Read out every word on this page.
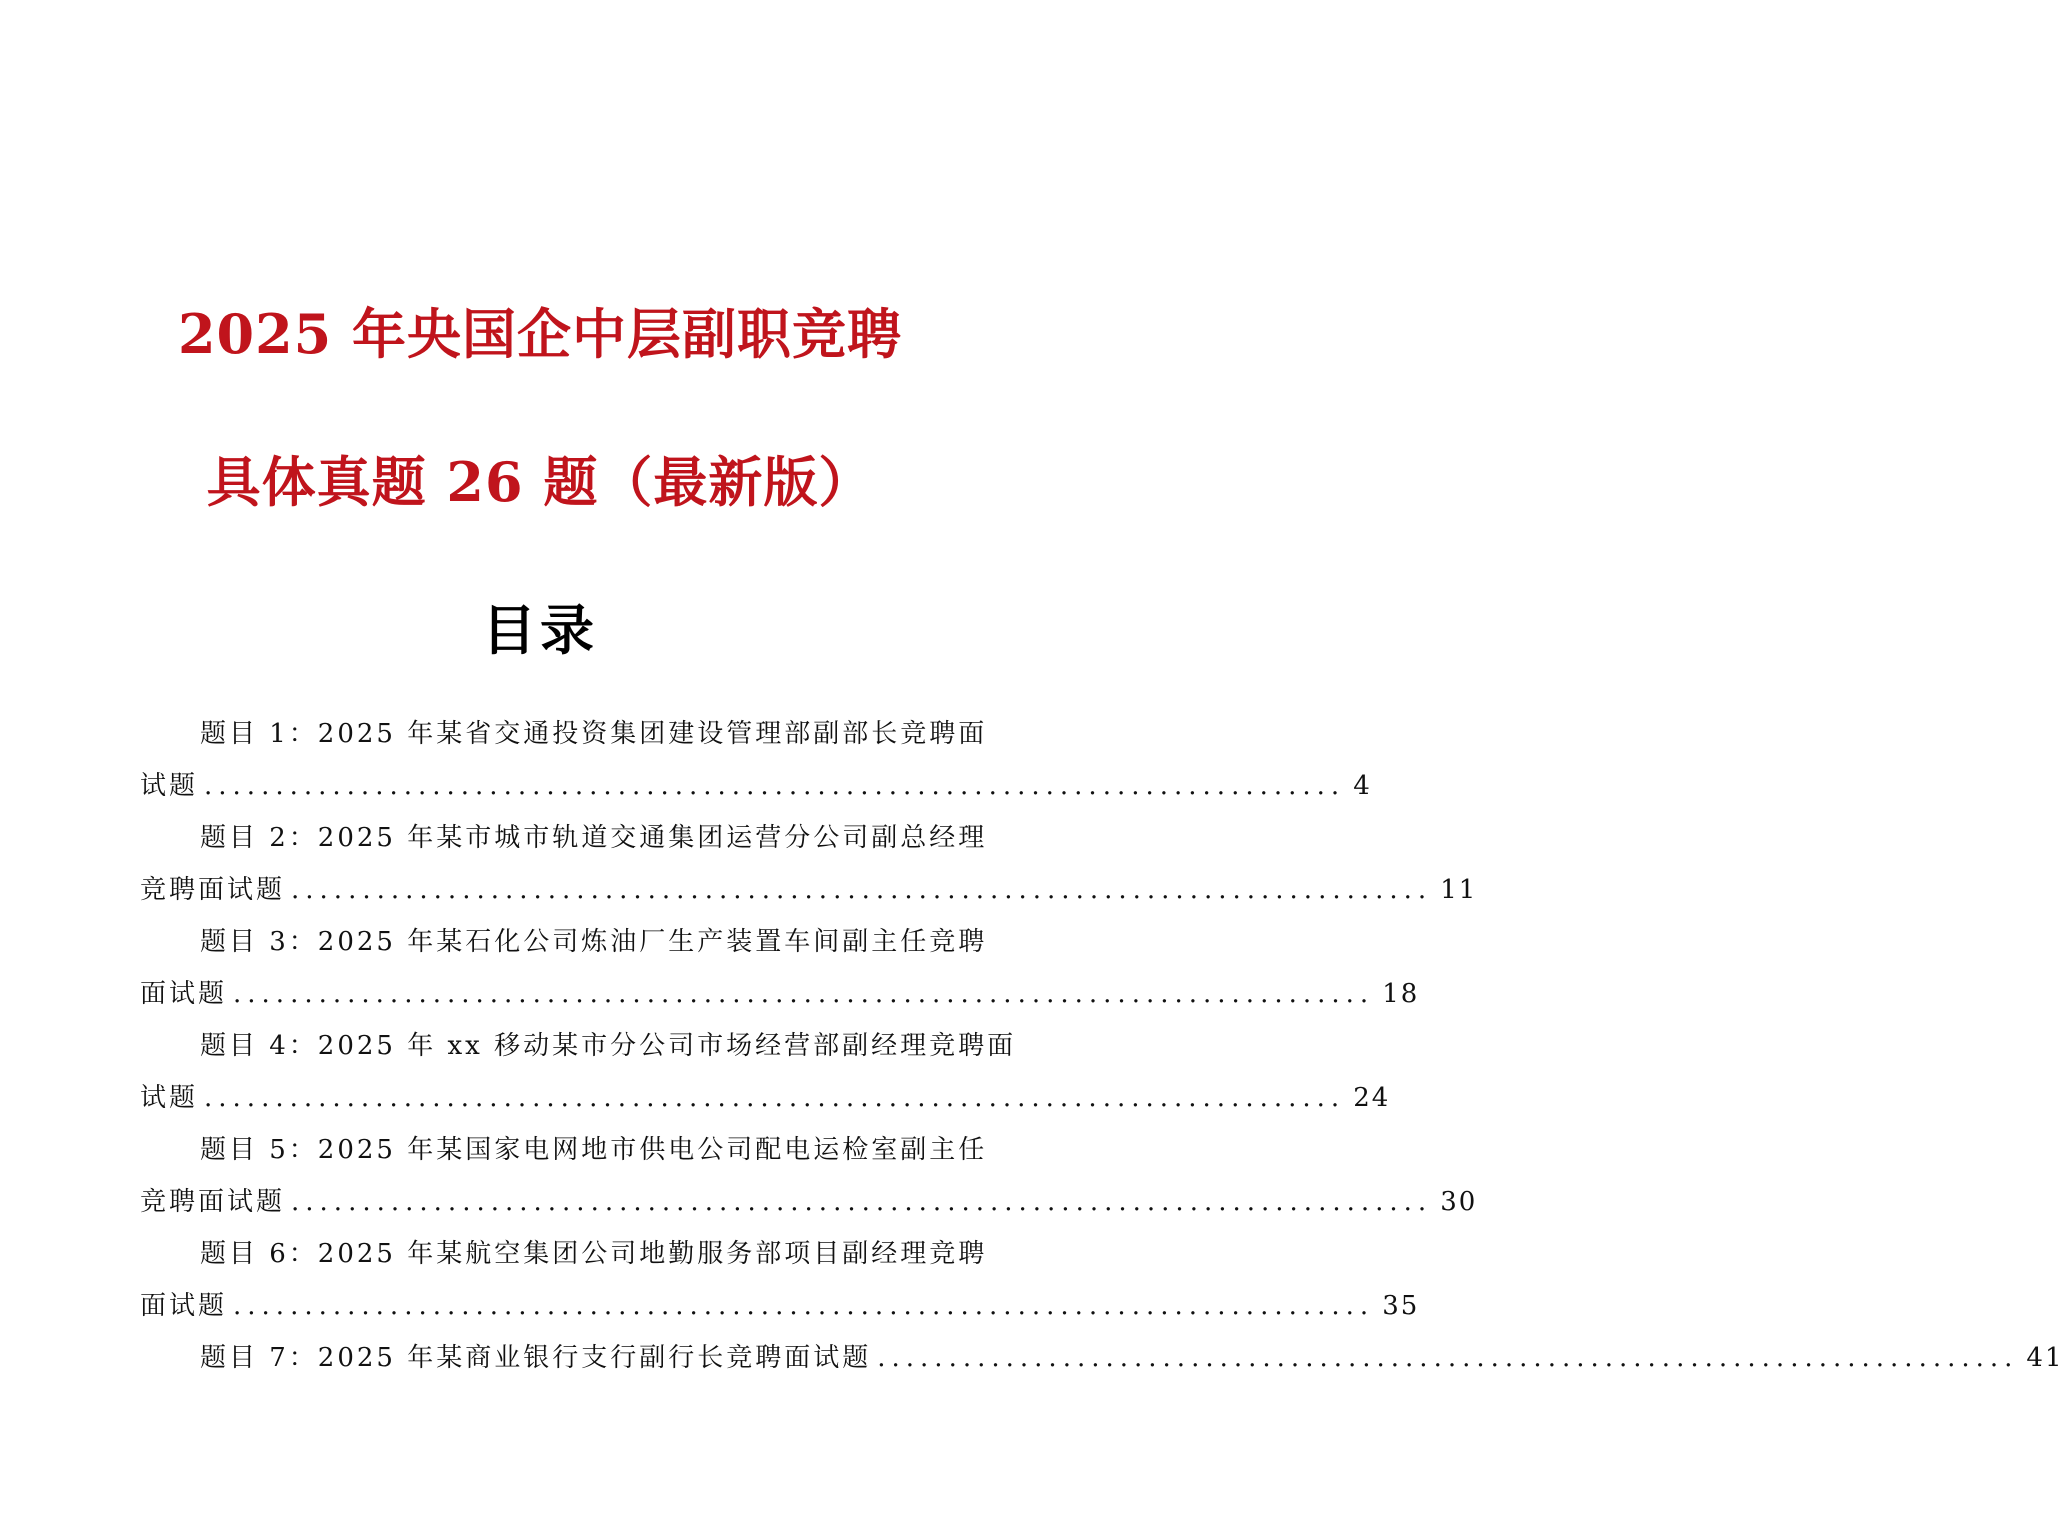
2025 年央国企中层副职竞聘
具体真题 26 题（最新版）
目录
题目 1：2025 年某省交通投资集团建设管理部副部长竞聘面
试题 ................................................................................ 4
题目 2：2025 年某市城市轨道交通集团运营分公司副总经理
竞聘面试题 ................................................................................ 11
题目 3：2025 年某石化公司炼油厂生产装置车间副主任竞聘
面试题 ................................................................................ 18
题目 4：2025 年 xx 移动某市分公司市场经营部副经理竞聘面
试题 ................................................................................ 24
题目 5：2025 年某国家电网地市供电公司配电运检室副主任
竞聘面试题 ................................................................................ 30
题目 6：2025 年某航空集团公司地勤服务部项目副经理竞聘
面试题 ................................................................................ 35
题目 7：2025 年某商业银行支行副行长竞聘面试题 ................................................................................ 41
